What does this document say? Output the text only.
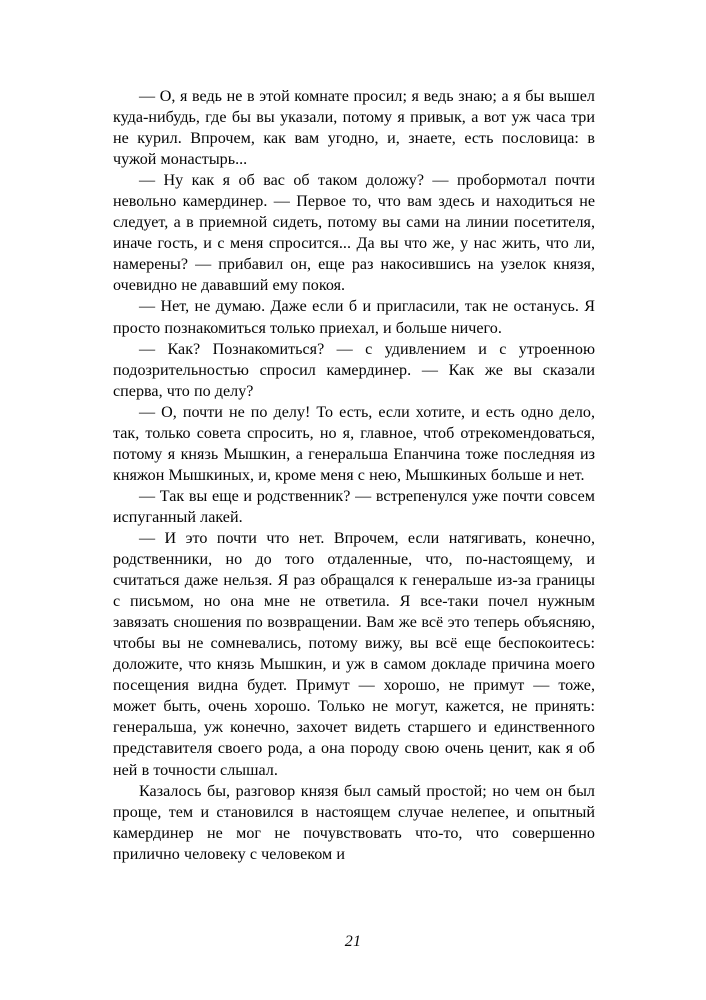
— О, я ведь не в этой комнате просил; я ведь знаю; а я бы вышел куда-нибудь, где бы вы указали, потому я привык, а вот уж часа три не курил. Впрочем, как вам угодно, и, знаете, есть пословица: в чужой монастырь...

— Ну как я об вас об таком доложу? — пробормотал почти невольно камердинер. — Первое то, что вам здесь и находиться не следует, а в приемной сидеть, потому вы сами на линии посетителя, иначе гость, и с меня спросится... Да вы что же, у нас жить, что ли, намерены? — прибавил он, еще раз накосившись на узелок князя, очевидно не дававший ему покоя.

— Нет, не думаю. Даже если б и пригласили, так не останусь. Я просто познакомиться только приехал, и больше ничего.

— Как? Познакомиться? — с удивлением и с утроенною подозрительностью спросил камердинер. — Как же вы сказали сперва, что по делу?

— О, почти не по делу! То есть, если хотите, и есть одно дело, так, только совета спросить, но я, главное, чтоб отрекомендоваться, потому я князь Мышкин, а генеральша Епанчина тоже последняя из княжон Мышкиных, и, кроме меня с нею, Мышкиных больше и нет.

— Так вы еще и родственник? — встрепенулся уже почти совсем испуганный лакей.

— И это почти что нет. Впрочем, если натягивать, конечно, родственники, но до того отдаленные, что, по-настоящему, и считаться даже нельзя. Я раз обращался к генеральше из-за границы с письмом, но она мне не ответила. Я все-таки почел нужным завязать сношения по возвращении. Вам же всё это теперь объясняю, чтобы вы не сомневались, потому вижу, вы всё еще беспокоитесь: доложите, что князь Мышкин, и уж в самом докладе причина моего посещения видна будет. Примут — хорошо, не примут — тоже, может быть, очень хорошо. Только не могут, кажется, не принять: генеральша, уж конечно, захочет видеть старшего и единственного представителя своего рода, а она породу свою очень ценит, как я об ней в точности слышал.

Казалось бы, разговор князя был самый простой; но чем он был проще, тем и становился в настоящем случае нелепее, и опытный камердинер не мог не почувствовать что-то, что совершенно прилично человеку с человеком и

21
